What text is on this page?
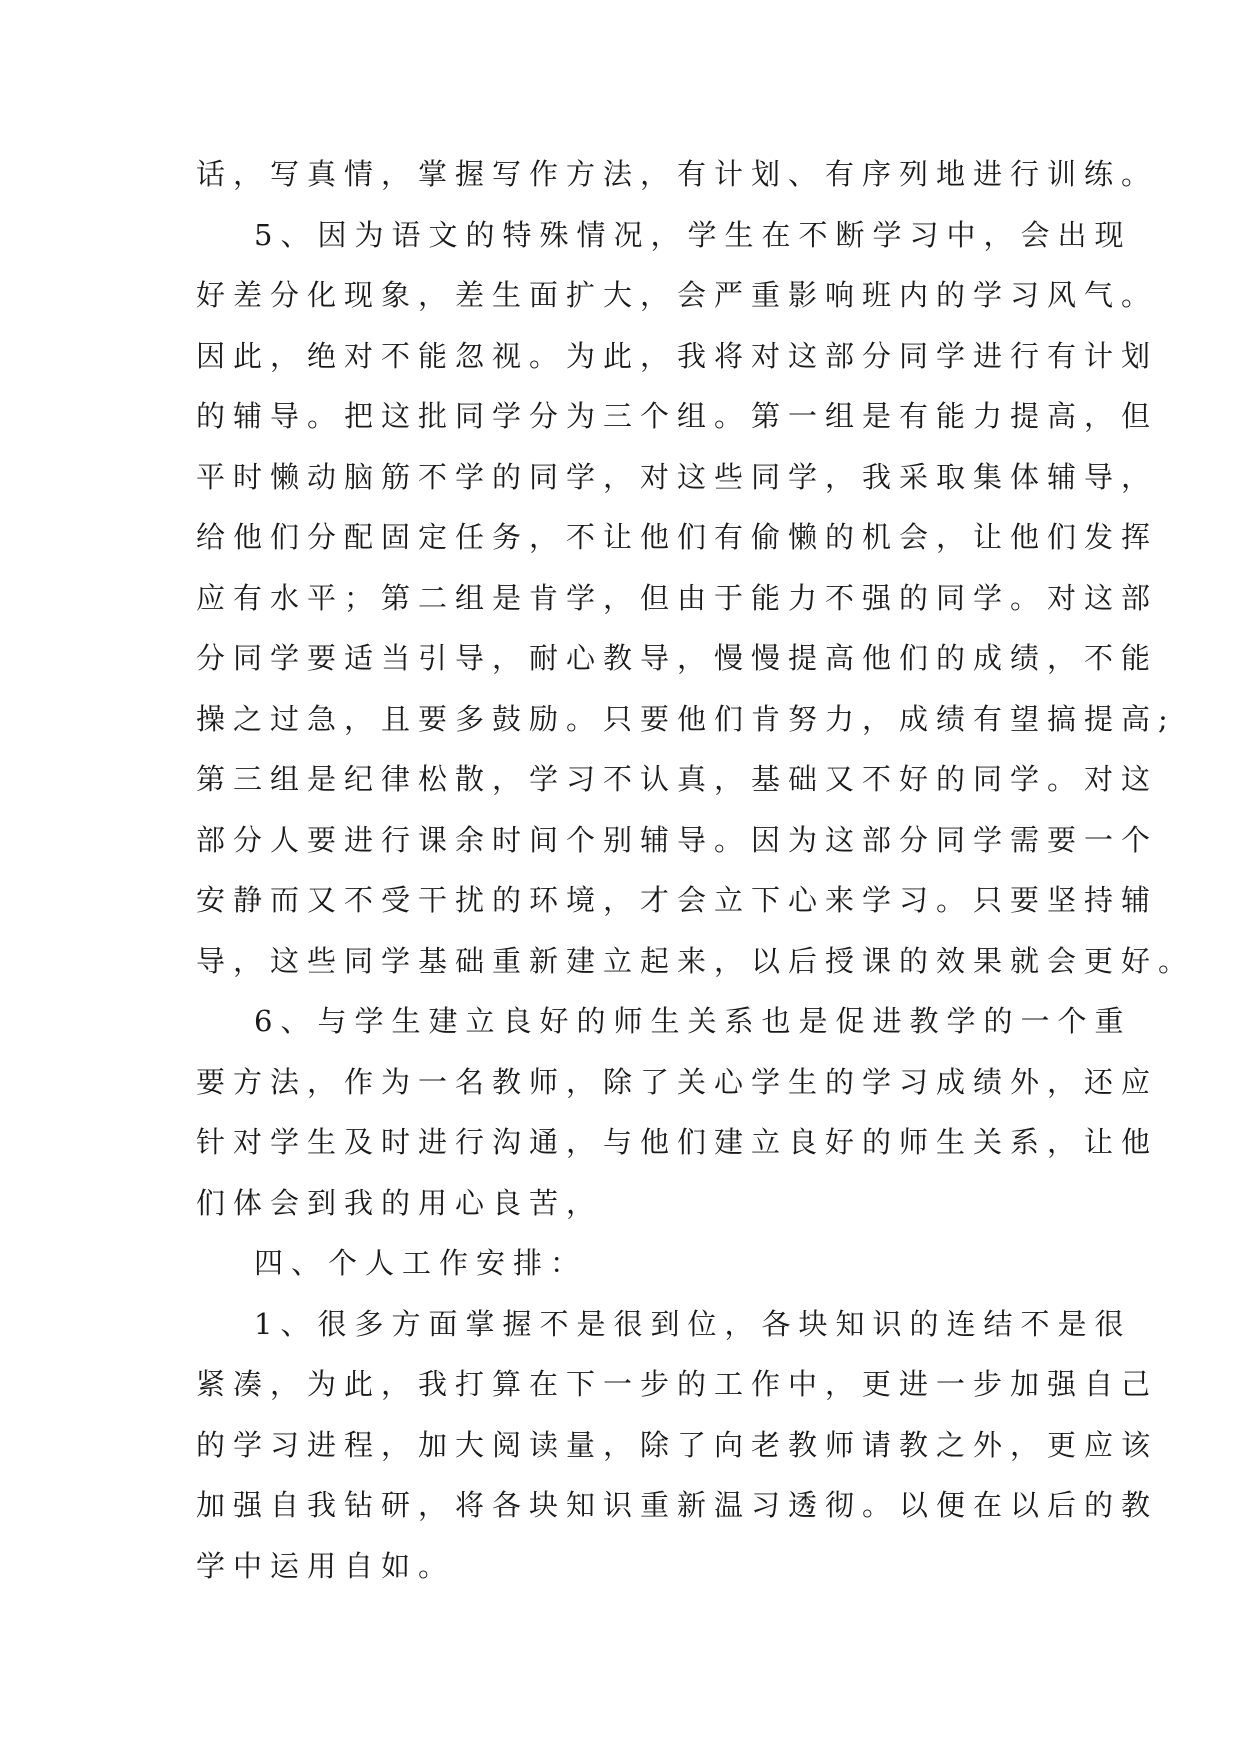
话，写真情，掌握写作方法，有计划、有序列地进行训练。
5、因为语文的特殊情况，学生在不断学习中，会出现
好差分化现象，差生面扩大，会严重影响班内的学习风气。
因此，绝对不能忽视。为此，我将对这部分同学进行有计划
的辅导。把这批同学分为三个组。第一组是有能力提高，但
平时懒动脑筋不学的同学，对这些同学，我采取集体辅导，
给他们分配固定任务，不让他们有偷懒的机会，让他们发挥
应有水平；第二组是肯学，但由于能力不强的同学。对这部
分同学要适当引导，耐心教导，慢慢提高他们的成绩，不能
操之过急，且要多鼓励。只要他们肯努力，成绩有望搞提高;
第三组是纪律松散，学习不认真，基础又不好的同学。对这
部分人要进行课余时间个别辅导。因为这部分同学需要一个
安静而又不受干扰的环境，才会立下心来学习。只要坚持辅
导，这些同学基础重新建立起来，以后授课的效果就会更好。
6、与学生建立良好的师生关系也是促进教学的一个重
要方法，作为一名教师，除了关心学生的学习成绩外，还应
针对学生及时进行沟通，与他们建立良好的师生关系，让他
们体会到我的用心良苦，
四、个人工作安排：
1、很多方面掌握不是很到位，各块知识的连结不是很
紧凑，为此，我打算在下一步的工作中，更进一步加强自己
的学习进程，加大阅读量，除了向老教师请教之外，更应该
加强自我钻研，将各块知识重新温习透彻。以便在以后的教
学中运用自如。
